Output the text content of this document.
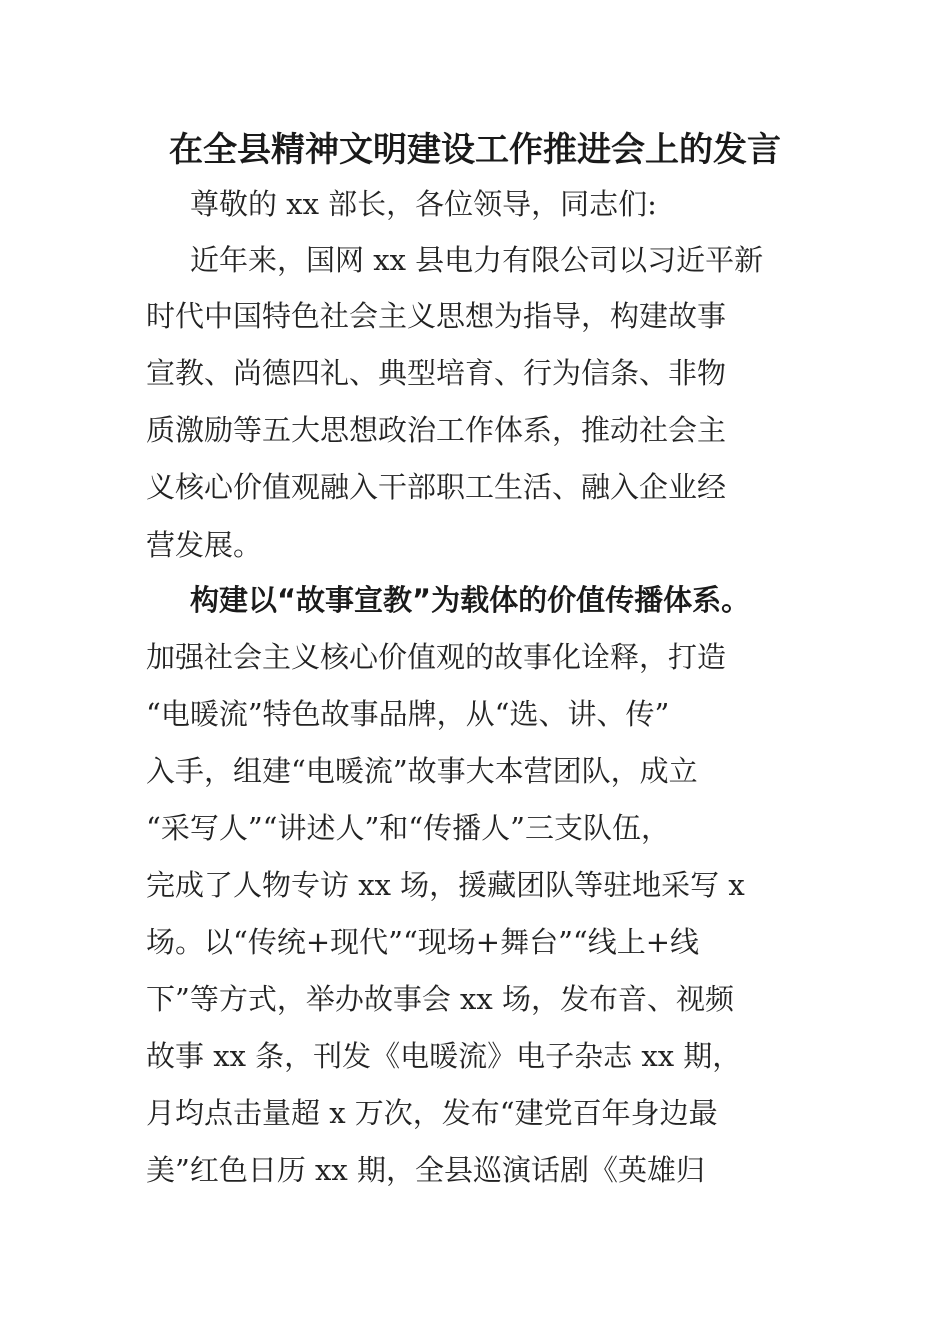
在全县精神文明建设工作推进会上的发言

尊敬的 xx 部长，各位领导，同志们:

近年来，国网 xx 县电力有限公司以习近平新

时代中国特色社会主义思想为指导，构建故事

宣教、尚德四礼、典型培育、行为信条、非物

质激励等五大思想政治工作体系，推动社会主

义核心价值观融入干部职工生活、融入企业经

营发展。

构建以“故事宣教”为载体的价值传播体系。

加强社会主义核心价值观的故事化诠释，打造

“电暖流”特色故事品牌，从“选、讲、传”

入手，组建“电暖流”故事大本营团队，成立

“采写人”“讲述人”和“传播人”三支队伍，

完成了人物专访 xx 场，援藏团队等驻地采写 x

场。以“传统+现代”“现场+舞台”“线上+线

下”等方式，举办故事会 xx 场，发布音、视频

故事 xx 条，刊发《电暖流》电子杂志 xx 期，

月均点击量超 x 万次，发布“建党百年身边最

美”红色日历 xx 期，全县巡演话剧《英雄归
